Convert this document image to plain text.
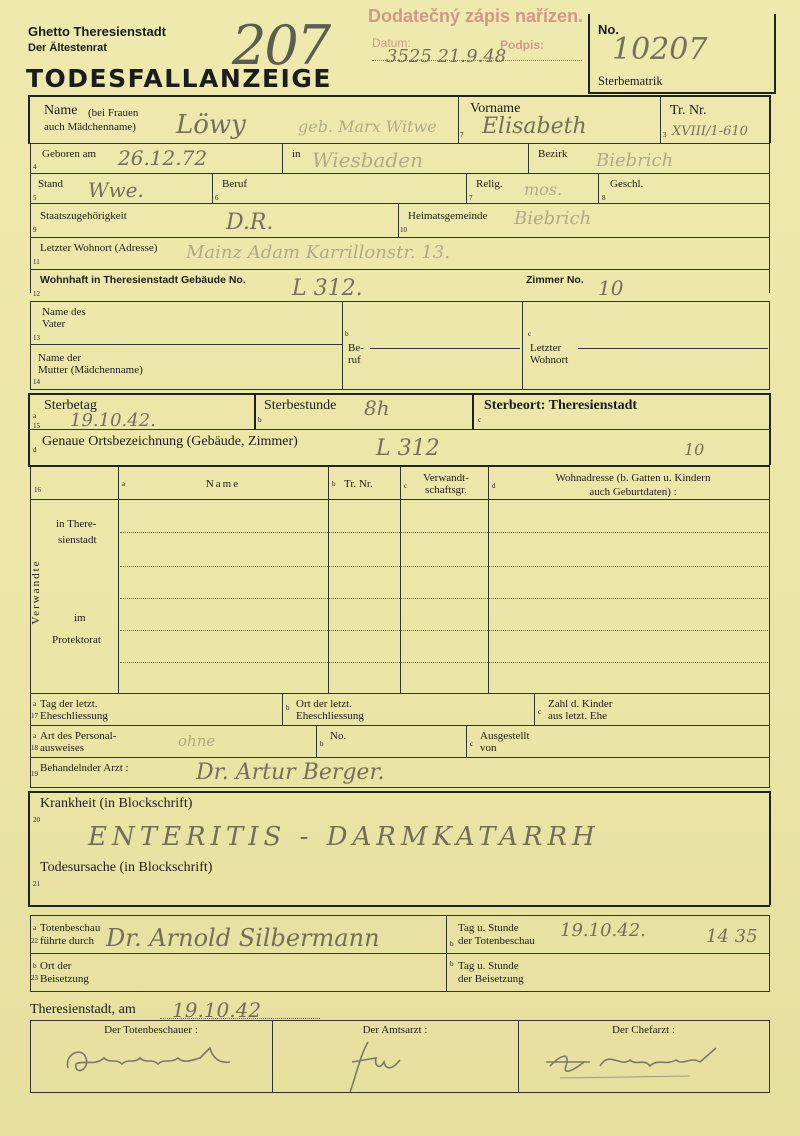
Ghetto Theresienstadt
Der Ältestenrat
TODESFALLANZEIGE
207 Dodatečný zápis nařízen.
Datum:	Podpis:
3525 21.9.48
No.
10207
Sterbematrik
Name (bei Frauen
auch Mädchenname) Löwy	geb. Marx Witwe
Vorname
Elisabeth
Tr. Nr.
XVIII/1-610
7	3
Geboren am 26.12.72
4
in Wiesbaden	Bezirk Biebrich
Stand Wwe.
5
Beruf
6
Relig. mos.
7
Geschl.
8
Staatszugehörigkeit	D.R.
9
Heimatsgemeinde Biebrich
10
Letzter Wohnort (Adresse) Mainz Adam Karrillonstr. 13.
11
Wohnhaft in Theresienstadt Gebäude No. L 312.
12
Zimmer No. 10
Name des
Vater
13
Name der
Mutter (Mädchenname)
14
b
Be-
ruf
c
Letzter
Wohnort
Sterbetag
a
15 19.10.42.
Sterbestunde
b	8h	Sterbeort: Theresienstadt
c
Genaue Ortsbezeichnung (Gebäude, Zimmer)
d	L 312	10
16
a	Name	b Tr. Nr.	c
Verwandt-
schaftsgr.	d
Wohnadresse (b. Gatten u. Kindern
auch Geburtdaten) :
in There-
sienstadt
im
Protektorat
Verwandte
a Tag der letzt.
17 Eheschliessung
b Ort der letzt.
Eheschliessung	c
Zahl d. Kinder
aus letzt. Ehe
a Art des Personal-
18 ausweises	ohne	b
No.
c
Ausgestellt
von
Behandelnder Arzt :
19	Dr. Artur Berger.
Krankheit (in Blockschrift)
20
ENTERITIS - DARMKATARRH
Todesursache (in Blockschrift)
21
a Totenbeschau
22 führte durch Dr. Arnold Silbermann	b
Tag u. Stunde
der Totenbeschau 19.10.42.	14 35
b Ort der
23 Beisetzung
b Tag u. Stunde
der Beisetzung
Theresienstadt, am 19.10.42
Der Totenbeschauer :	Der Amtsarzt :	Der Chefarzt :
